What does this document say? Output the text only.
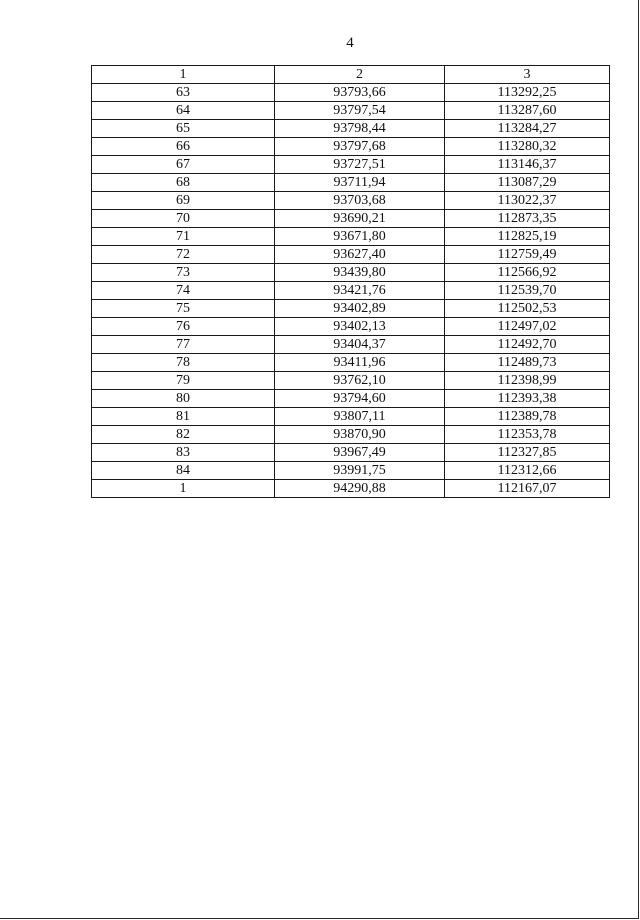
4
1	2	3
63	93793,66	113292,25
64	93797,54	113287,60
65	93798,44	113284,27
66	93797,68	113280,32
67	93727,51	113146,37
68	93711,94	113087,29
69	93703,68	113022,37
70	93690,21	112873,35
71	93671,80	112825,19
72	93627,40	112759,49
73	93439,80	112566,92
74	93421,76	112539,70
75	93402,89	112502,53
76	93402,13	112497,02
77	93404,37	112492,70
78	93411,96	112489,73
79	93762,10	112398,99
80	93794,60	112393,38
81	93807,11	112389,78
82	93870,90	112353,78
83	93967,49	112327,85
84	93991,75	112312,66
1	94290,88	112167,07
